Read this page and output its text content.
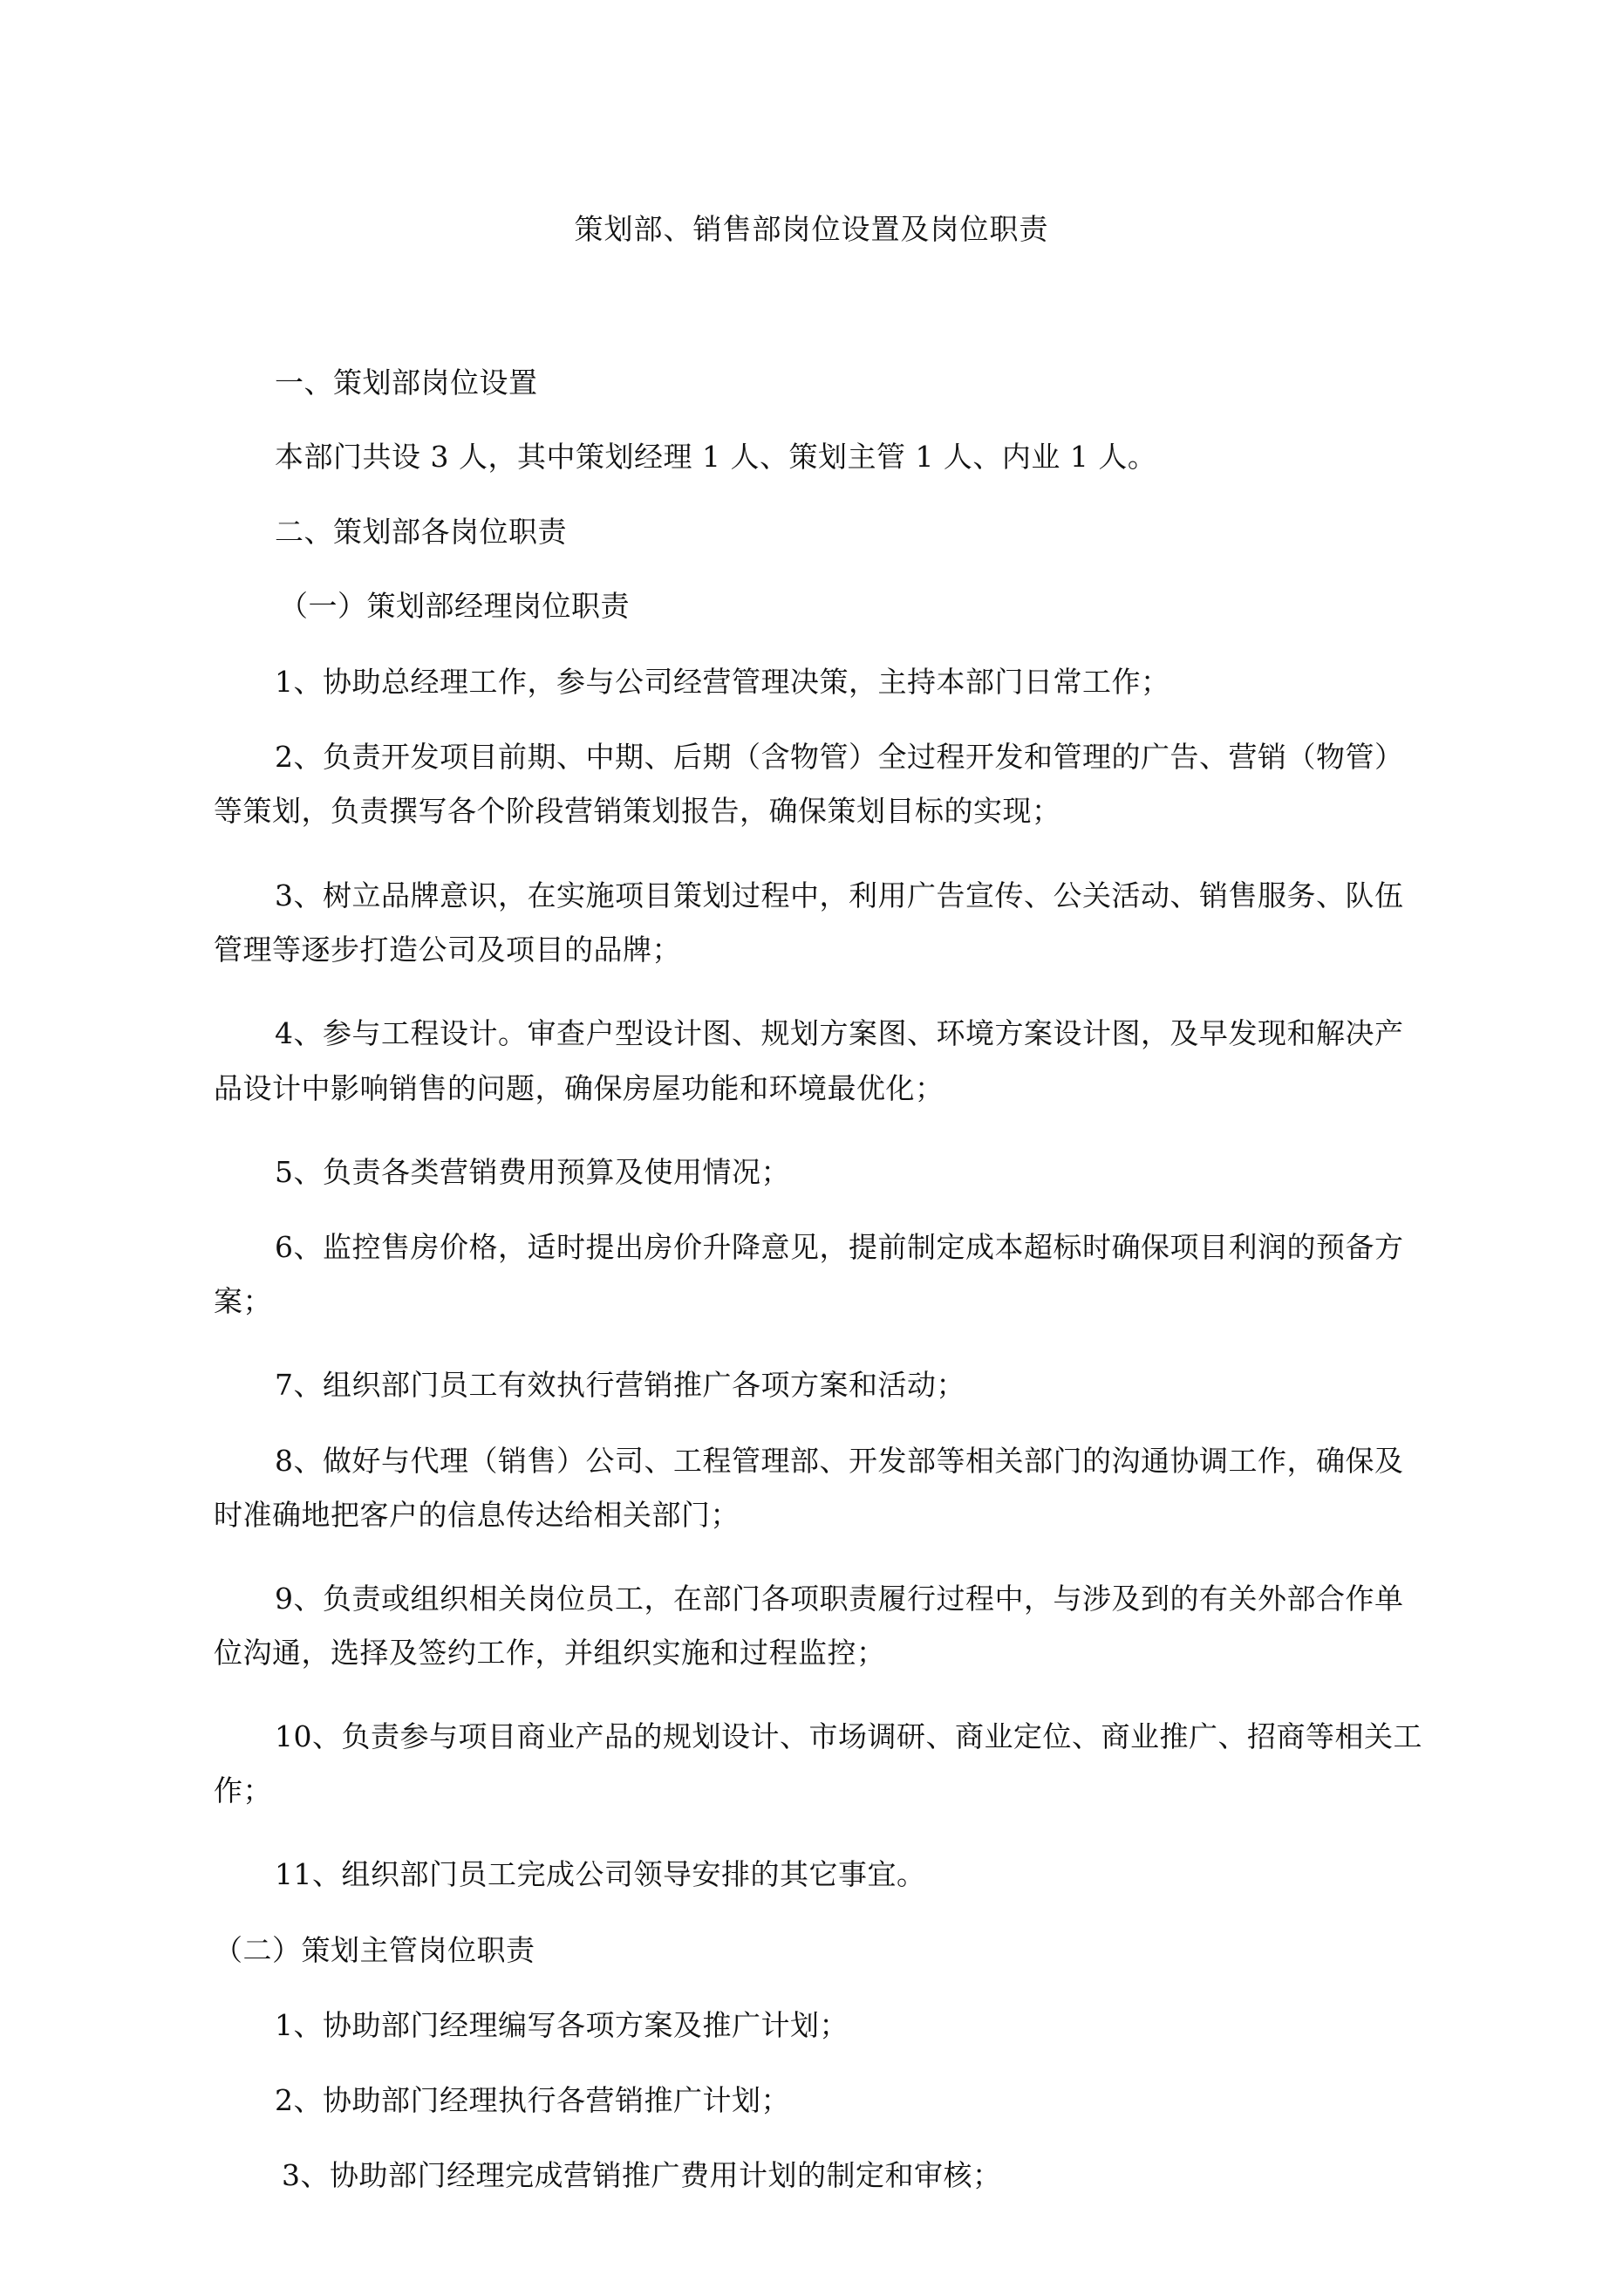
策划部、销售部岗位设置及岗位职责
一、策划部岗位设置
本部门共设 3 人，其中策划经理 1 人、策划主管 1 人、内业 1 人。
二、策划部各岗位职责
（一）策划部经理岗位职责
1、协助总经理工作，参与公司经营管理决策，主持本部门日常工作；
2、负责开发项目前期、中期、后期（含物管）全过程开发和管理的广告、营销（物管）
等策划，负责撰写各个阶段营销策划报告，确保策划目标的实现；
3、树立品牌意识，在实施项目策划过程中，利用广告宣传、公关活动、销售服务、队伍
管理等逐步打造公司及项目的品牌；
4、参与工程设计。审查户型设计图、规划方案图、环境方案设计图，及早发现和解决产
品设计中影响销售的问题，确保房屋功能和环境最优化；
5、负责各类营销费用预算及使用情况；
6、监控售房价格，适时提出房价升降意见，提前制定成本超标时确保项目利润的预备方
案；
7、组织部门员工有效执行营销推广各项方案和活动；
8、做好与代理（销售）公司、工程管理部、开发部等相关部门的沟通协调工作，确保及
时准确地把客户的信息传达给相关部门；
9、负责或组织相关岗位员工，在部门各项职责履行过程中，与涉及到的有关外部合作单
位沟通，选择及签约工作，并组织实施和过程监控；
10、负责参与项目商业产品的规划设计、市场调研、商业定位、商业推广、招商等相关工
作；
11、组织部门员工完成公司领导安排的其它事宜。
（二）策划主管岗位职责
1、协助部门经理编写各项方案及推广计划；
2、协助部门经理执行各营销推广计划；
3、协助部门经理完成营销推广费用计划的制定和审核；
